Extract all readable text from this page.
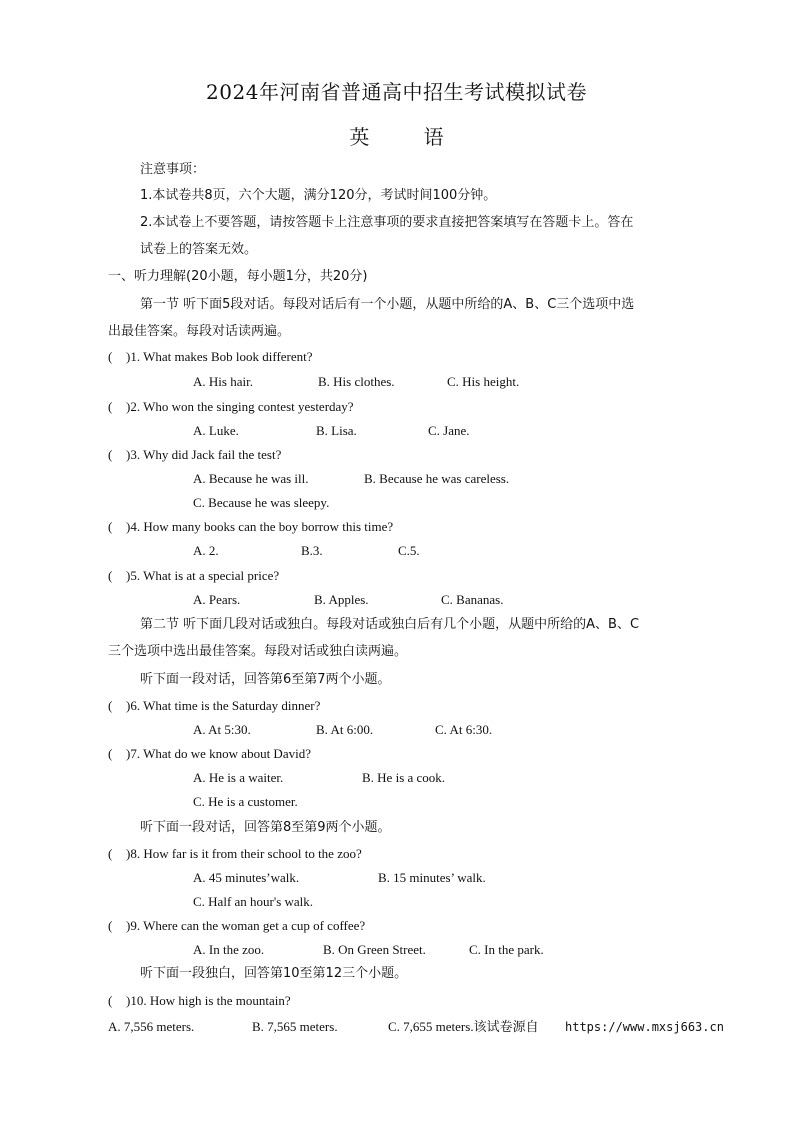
2024年河南省普通高中招生考试模拟试卷
英 语
注意事项：
1.本试卷共8页，六个大题，满分120分，考试时间100分钟。
2.本试卷上不要答题，请按答题卡上注意事项的要求直接把答案填写在答题卡上。答在
试卷上的答案无效。
一、听力理解(20小题，每小题1分，共20分)
第一节 听下面5段对话。每段对话后有一个小题，从题中所给的A、B、C三个选项中选
出最佳答案。每段对话读两遍。
( )1. What makes Bob look different?
A. His hair.	B. His clothes.	C. His height.
( )2. Who won the singing contest yesterday?
A. Luke.	B. Lisa.	C. Jane.
( )3. Why did Jack fail the test?
A. Because he was ill.	B. Because he was careless.
C. Because he was sleepy.
( )4. How many books can the boy borrow this time?
A. 2.	B.3.	C.5.
( )5. What is at a special price?
A. Pears.	B. Apples.	C. Bananas.
第二节 听下面几段对话或独白。每段对话或独白后有几个小题，从题中所给的A、B、C
三个选项中选出最佳答案。每段对话或独白读两遍。
听下面一段对话，回答第6至第7两个小题。
( )6. What time is the Saturday dinner?
A. At 5:30.	B. At 6:00.	C. At 6:30.
( )7. What do we know about David?
A. He is a waiter.	B. He is a cook.
C. He is a customer.
听下面一段对话，回答第8至第9两个小题。
( )8. How far is it from their school to the zoo?
A. 45 minutes’walk.	B. 15 minutes’ walk.
C. Half an hour's walk.
( )9. Where can the woman get a cup of coffee?
A. In the zoo.	B. On Green Street.	C. In the park.
听下面一段独白，回答第10至第12三个小题。
( )10. How high is the mountain?
A. 7,556 meters.	B. 7,565 meters.	C. 7,655 meters.该试卷源自 https://www.mxsj663.cn
